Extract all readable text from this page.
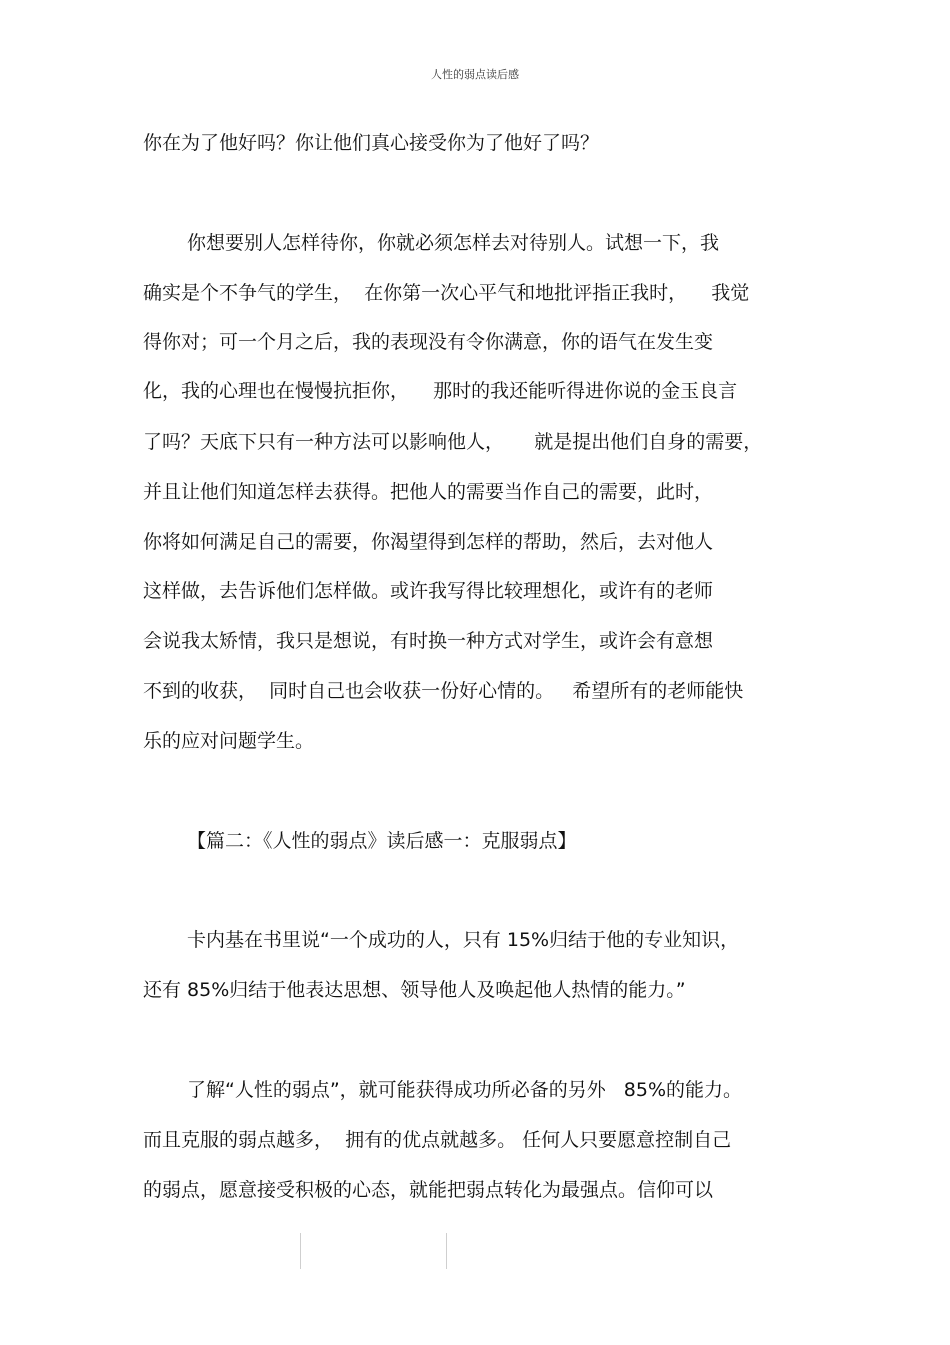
人性的弱点读后感
你在为了他好吗？你让他们真心接受你为了他好了吗？
你想要别人怎样待你，你就必须怎样去对待别人。试想一下，我
确实是个不争气的学生，  在你第一次心平气和地批评指正我时，    我觉
得你对；可一个月之后，我的表现没有令你满意，你的语气在发生变
化，我的心理也在慢慢抗拒你，    那时的我还能听得进你说的金玉良言
了吗？天底下只有一种方法可以影响他人，     就是提出他们自身的需要，
并且让他们知道怎样去获得。把他人的需要当作自己的需要，此时，
你将如何满足自己的需要，你渴望得到怎样的帮助，然后，去对他人
这样做，去告诉他们怎样做。或许我写得比较理想化，或许有的老师
会说我太矫情，我只是想说，有时换一种方式对学生，或许会有意想
不到的收获，  同时自己也会收获一份好心情的。   希望所有的老师能快
乐的应对问题学生。
【篇二：《人性的弱点》读后感一：克服弱点】
卡内基在书里说“一个成功的人，只有 15%归结于他的专业知识，
还有 85%归结于他表达思想、领导他人及唤起他人热情的能力。”
了解“人性的弱点”，就可能获得成功所必备的另外   85%的能力。
而且克服的弱点越多，  拥有的优点就越多。 任何人只要愿意控制自己
的弱点，愿意接受积极的心态，就能把弱点转化为最强点。信仰可以
